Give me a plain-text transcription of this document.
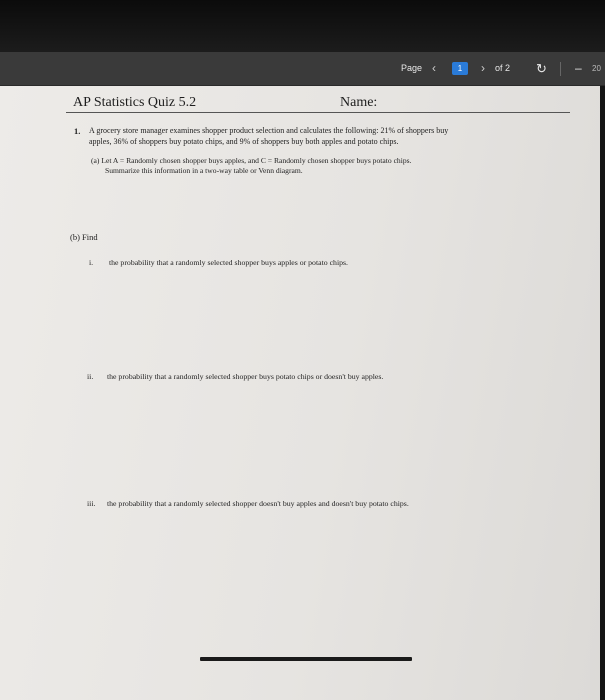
Page ‹	1	› of 2 ↻ – 20
AP Statistics Quiz 5.2	Name:
1. A grocery store manager examines shopper product selection and calculates the following: 21% of shoppers buy
apples, 36% of shoppers buy potato chips, and 9% of shoppers buy both apples and potato chips.
(a) Let A = Randomly chosen shopper buys apples, and C = Randomly chosen shopper buys potato chips.
Summarize this information in a two-way table or Venn diagram.
(b) Find
i. the probability that a randomly selected shopper buys apples or potato chips.
ii. the probability that a randomly selected shopper buys potato chips or doesn't buy apples.
iii. the probability that a randomly selected shopper doesn't buy apples and doesn't buy potato chips.
